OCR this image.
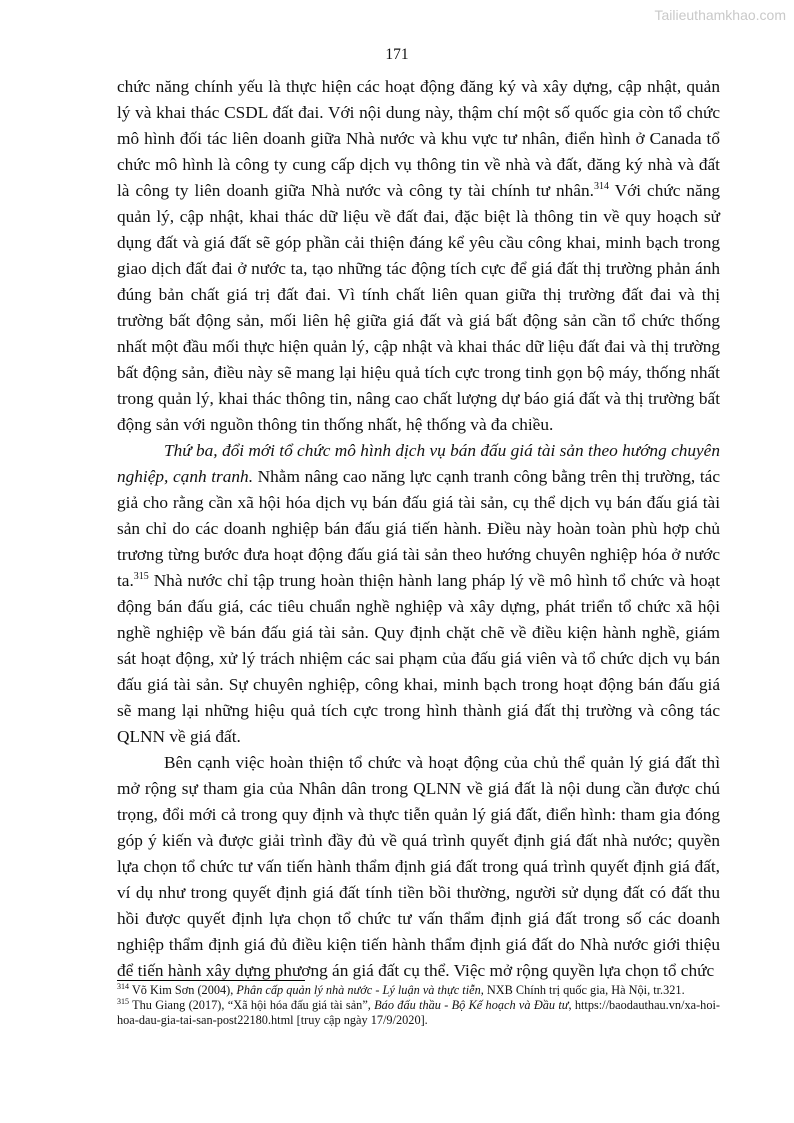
Tailieuthamkhao.com
171

chức năng chính yếu là thực hiện các hoạt động đăng ký và xây dựng, cập nhật, quản lý và khai thác CSDL đất đai. Với nội dung này, thậm chí một số quốc gia còn tổ chức mô hình đối tác liên doanh giữa Nhà nước và khu vực tư nhân, điển hình ở Canada tổ chức mô hình là công ty cung cấp dịch vụ thông tin về nhà và đất, đăng ký nhà và đất là công ty liên doanh giữa Nhà nước và công ty tài chính tư nhân.$^{314}$ Với chức năng quản lý, cập nhật, khai thác dữ liệu về đất đai, đặc biệt là thông tin về quy hoạch sử dụng đất và giá đất sẽ góp phần cải thiện đáng kể yêu cầu công khai, minh bạch trong giao dịch đất đai ở nước ta, tạo những tác động tích cực để giá đất thị trường phản ánh đúng bản chất giá trị đất đai. Vì tính chất liên quan giữa thị trường đất đai và thị trường bất động sản, mối liên hệ giữa giá đất và giá bất động sản cần tổ chức thống nhất một đầu mối thực hiện quản lý, cập nhật và khai thác dữ liệu đất đai và thị trường bất động sản, điều này sẽ mang lại hiệu quả tích cực trong tinh gọn bộ máy, thống nhất trong quản lý, khai thác thông tin, nâng cao chất lượng dự báo giá đất và thị trường bất động sản với nguồn thông tin thống nhất, hệ thống và đa chiều.

Thứ ba, đổi mới tổ chức mô hình dịch vụ bán đấu giá tài sản theo hướng chuyên nghiệp, cạnh tranh. Nhằm nâng cao năng lực cạnh tranh công bằng trên thị trường, tác giả cho rằng cần xã hội hóa dịch vụ bán đấu giá tài sản, cụ thể dịch vụ bán đấu giá tài sản chỉ do các doanh nghiệp bán đấu giá tiến hành. Điều này hoàn toàn phù hợp chủ trương từng bước đưa hoạt động đấu giá tài sản theo hướng chuyên nghiệp hóa ở nước ta.$^{315}$ Nhà nước chỉ tập trung hoàn thiện hành lang pháp lý về mô hình tổ chức và hoạt động bán đấu giá, các tiêu chuẩn nghề nghiệp và xây dựng, phát triển tổ chức xã hội nghề nghiệp về bán đấu giá tài sản. Quy định chặt chẽ về điều kiện hành nghề, giám sát hoạt động, xử lý trách nhiệm các sai phạm của đấu giá viên và tổ chức dịch vụ bán đấu giá tài sản. Sự chuyên nghiệp, công khai, minh bạch trong hoạt động bán đấu giá sẽ mang lại những hiệu quả tích cực trong hình thành giá đất thị trường và công tác QLNN về giá đất.

Bên cạnh việc hoàn thiện tổ chức và hoạt động của chủ thể quản lý giá đất thì mở rộng sự tham gia của Nhân dân trong QLNN về giá đất là nội dung cần được chú trọng, đổi mới cả trong quy định và thực tiễn quản lý giá đất, điển hình: tham gia đóng góp ý kiến và được giải trình đầy đủ về quá trình quyết định giá đất nhà nước; quyền lựa chọn tổ chức tư vấn tiến hành thẩm định giá đất trong quá trình quyết định giá đất, ví dụ như trong quyết định giá đất tính tiền bồi thường, người sử dụng đất có đất thu hồi được quyết định lựa chọn tổ chức tư vấn thẩm định giá đất trong số các doanh nghiệp thẩm định giá đủ điều kiện tiến hành thẩm định giá đất do Nhà nước giới thiệu để tiến hành xây dựng phương án giá đất cụ thể. Việc mở rộng quyền lựa chọn tổ chức

$^{314}$ Võ Kim Sơn (2004), Phân cấp quản lý nhà nước - Lý luận và thực tiễn, NXB Chính trị quốc gia, Hà Nội, tr.321.

$^{315}$ Thu Giang (2017), “Xã hội hóa đấu giá tài sản”, Báo đấu thầu - Bộ Kế hoạch và Đầu tư, https://baodauthau.vn/xa-hoi-hoa-dau-gia-tai-san-post22180.html [truy cập ngày 17/9/2020].
